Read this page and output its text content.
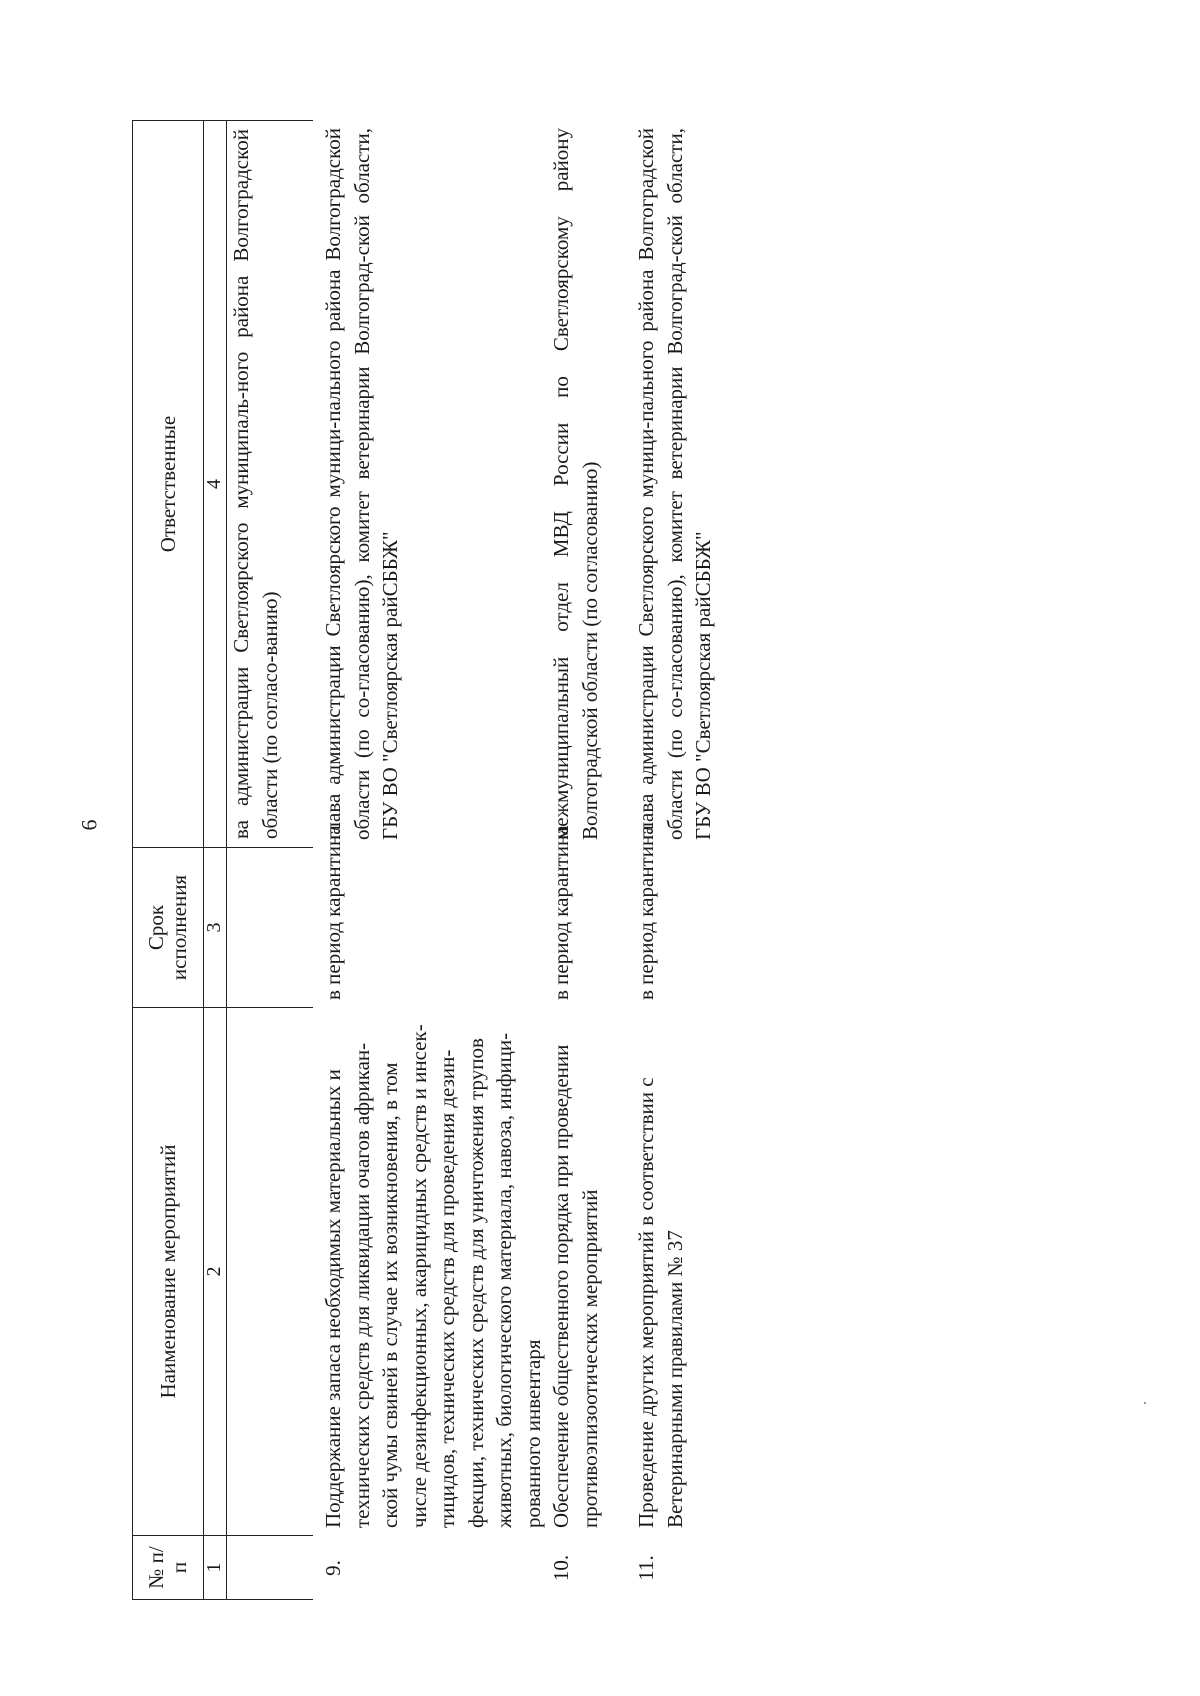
6
№ п/п
Наименование мероприятий
Срок исполнения
Ответственные
1
2
3
4 ва администрации Светлоярского муниципаль-ного района Волгоградской области (по согласо-ванию)
9.
Поддержание запаса необходимых материальных и технических средств для ликвидации очагов африкан-ской чумы свиней в случае их возникновения, в том числе дезинфекционных, акарицидных средств и инсек-тицидов, технических средств для проведения дезин-фекции, технических средств для уничтожения трупов животных, биологического материала, навоза, инфици-рованного инвентаря
в период карантина
глава администрации Светлоярского муници-пального района Волгоградской области (по со-гласованию), комитет ветеринарии Волгоград-ской области, ГБУ ВО "Светлоярская райСББЖ"
10.
Обеспечение общественного порядка при проведении противоэпизоотических мероприятий
в период карантина
межмуниципальный отдел МВД России по Светлоярскому району Волгоградской области (по согласованию)
11.
Проведение других мероприятий в соответствии с Ветеринарными правилами № 37
в период карантина
глава администрации Светлоярского муници-пального района Волгоградской области (по со-гласованию), комитет ветеринарии Волгоград-ской области, ГБУ ВО "Светлоярская райСББЖ"
